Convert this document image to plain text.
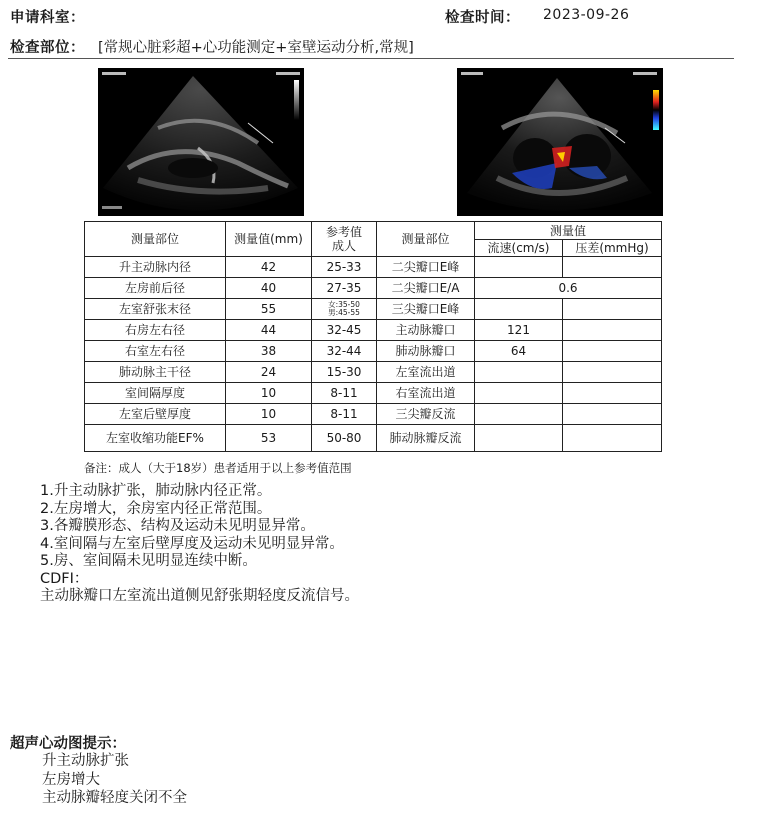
申请科室：	检查时间： 2023-09-26
检查部位： [常规心脏彩超+心功能测定+室壁运动分析,常规]
测量部位	测量值(mm)	参考值
成人	测量部位	测量值	
				流速(cm/s)	压差(mmHg)
升主动脉内径	42	25-33	二尖瓣口E峰		
左房前后径	40	27-35	二尖瓣口E/A	0.6	
左室舒张末径	55	女:35-50
男:45-55	三尖瓣口E峰		
右房左右径	44	32-45	主动脉瓣口	121	
右室左右径	38	32-44	肺动脉瓣口	64	
肺动脉主干径	24	15-30	左室流出道		
室间隔厚度	10	8-11	右室流出道		
左室后壁厚度	10	8-11	三尖瓣反流		
左室收缩功能EF%	53	50-80	肺动脉瓣反流		
备注：成人（大于18岁）患者适用于以上参考值范围
1.升主动脉扩张，肺动脉内径正常。
2.左房增大，余房室内径正常范围。
3.各瓣膜形态、结构及运动未见明显异常。
4.室间隔与左室后壁厚度及运动未见明显异常。
5.房、室间隔未见明显连续中断。
CDFI：
主动脉瓣口左室流出道侧见舒张期轻度反流信号。
超声心动图提示：
升主动脉扩张
左房增大
主动脉瓣轻度关闭不全
